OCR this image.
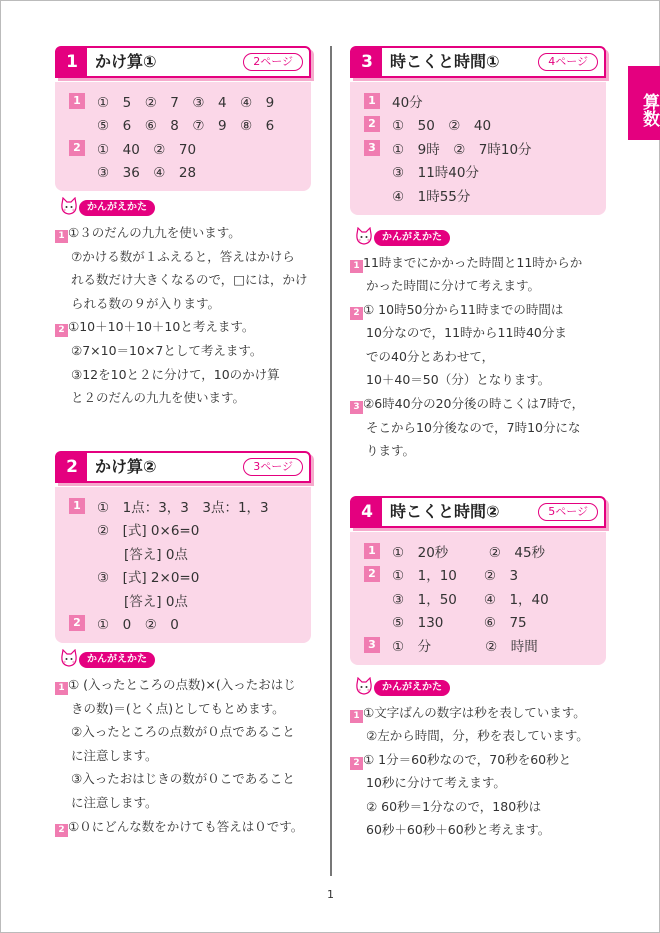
算数
1	かけ算①	2ページ
1	①　5　②　7　③　4　④　9
⑤　6　⑥　8　⑦　9　⑧　6
2	①　40　②　70
③　36　④　28
かんがえかた
1 ①３のだんの九九を使います。
⑦かける数が１ふえると，答えはかけら
れる数だけ大きくなるので，□には，かけ
られる数の９が入ります。
2 ①10＋10＋10＋10と考えます。
②7×10＝10×7として考えます。
③12を10と２に分けて，10のかけ算
と２のだんの九九を使います。
2	かけ算②	3ページ
1	①　1点：3，3　3点：1，3
②　[式] 0×6=0
　　[答え] 0点
③　[式] 2×0=0
　　[答え] 0点
2	①　0　②　0
かんがえかた
1 ① (入ったところの点数)×(入ったおはじ
きの数)＝(とく点)としてもとめます。
②入ったところの点数が０点であること
に注意します。
③入ったおはじきの数が０こであること
に注意します。
2 ①０にどんな数をかけても答えは０です。
3	時こくと時間①	4ページ
1	40分
2	①　50　②　40
3	①　9時　②　7時10分
③　11時40分
④　1時55分
かんがえかた
1 11時までにかかった時間と11時からか
かった時間に分けて考えます。
2 ① 10時50分から11時までの時間は
10分なので，11時から11時40分ま
での40分とあわせて，
10＋40＝50（分）となります。
3 ②6時40分の20分後の時こくは7時で，
そこから10分後なので，7時10分にな
ります。
4	時こくと時間②	5ページ
1	①　20秒　　　②　45秒
2	①　1，10　　②　3
③　1，50　　④　1，40
⑤　130　　　⑥　75
3	①　分　　　　②　時間
かんがえかた
1 ①文字ばんの数字は秒を表しています。
②左から時間，分，秒を表しています。
2 ① 1分＝60秒なので，70秒を60秒と
10秒に分けて考えます。
② 60秒＝1分なので，180秒は
60秒＋60秒＋60秒と考えます。
1
